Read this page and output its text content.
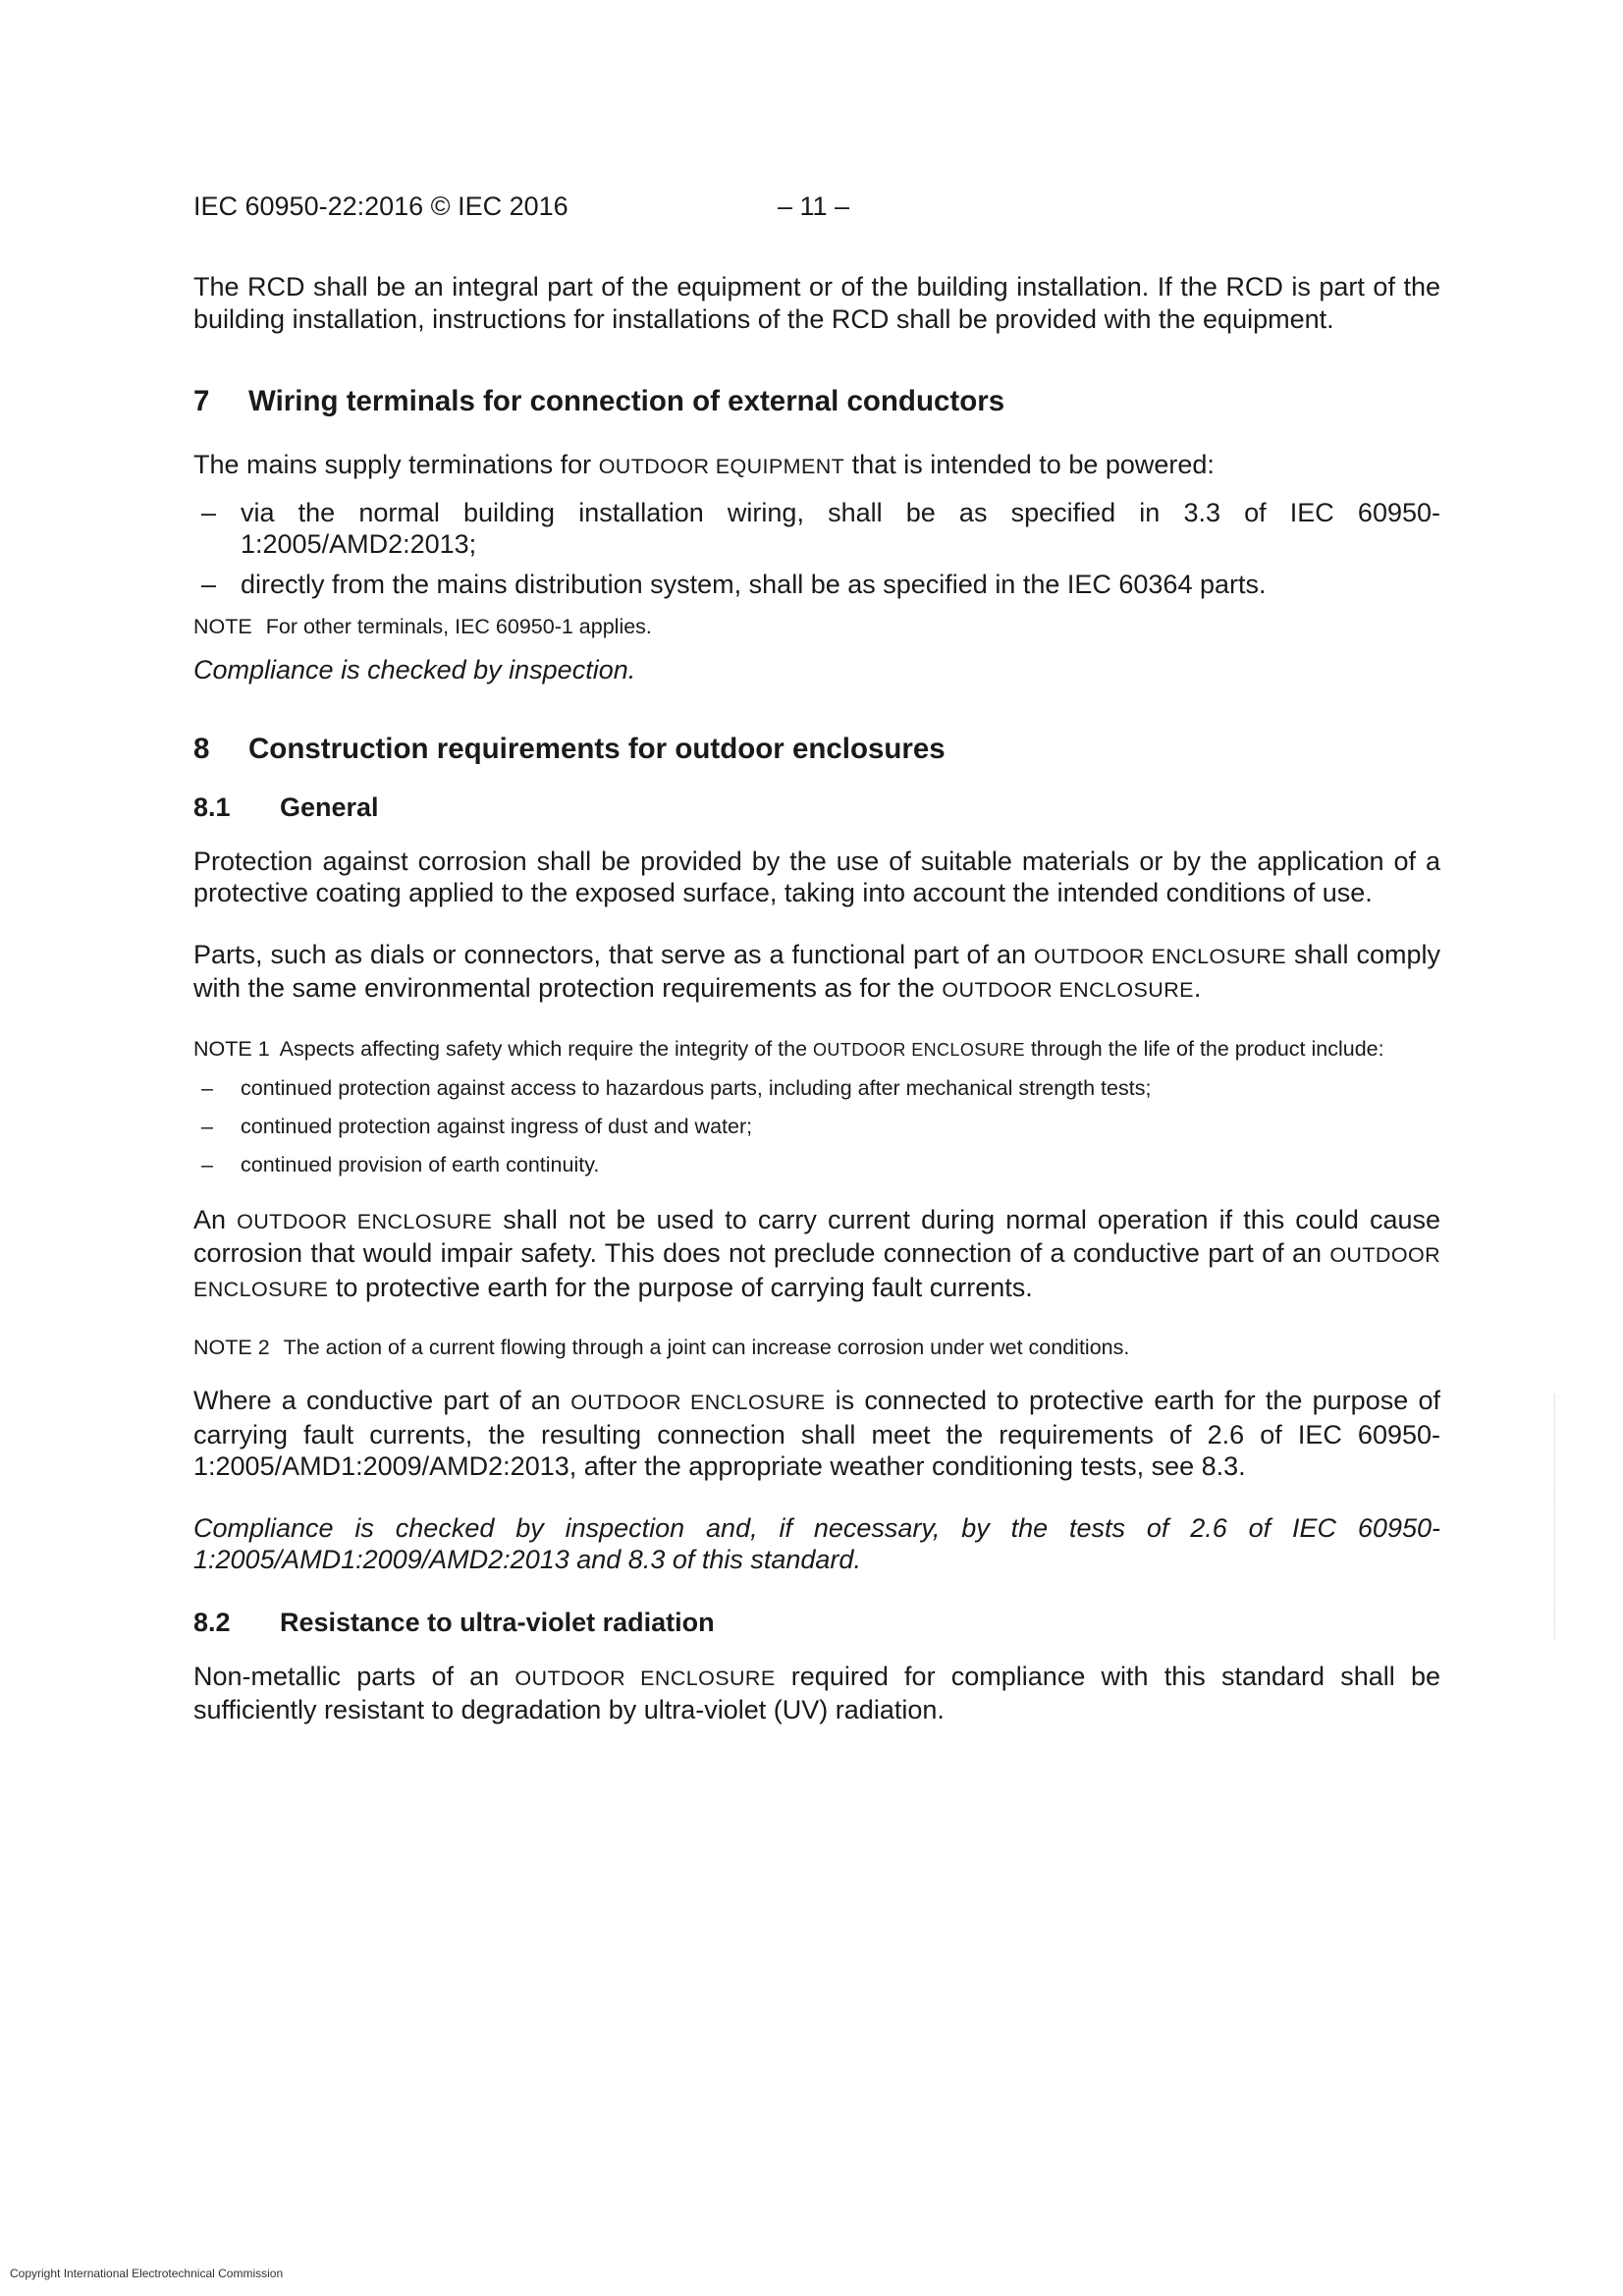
IEC 60950-22:2016 © IEC 2016	– 11 –

The RCD shall be an integral part of the equipment or of the building installation. If the RCD is part of the building installation, instructions for installations of the RCD shall be provided with the equipment.

7 Wiring terminals for connection of external conductors

The mains supply terminations for OUTDOOR EQUIPMENT that is intended to be powered:

– via the normal building installation wiring, shall be as specified in 3.3 of IEC 60950-1:2005/AMD2:2013;
– directly from the mains distribution system, shall be as specified in the IEC 60364 parts.

NOTE For other terminals, IEC 60950-1 applies.

Compliance is checked by inspection.

8 Construction requirements for outdoor enclosures
8.1 General

Protection against corrosion shall be provided by the use of suitable materials or by the application of a protective coating applied to the exposed surface, taking into account the intended conditions of use.

Parts, such as dials or connectors, that serve as a functional part of an OUTDOOR ENCLOSURE shall comply with the same environmental protection requirements as for the OUTDOOR ENCLOSURE.

NOTE 1 Aspects affecting safety which require the integrity of the OUTDOOR ENCLOSURE through the life of the product include:

– continued protection against access to hazardous parts, including after mechanical strength tests;
– continued protection against ingress of dust and water;
– continued provision of earth continuity.

An OUTDOOR ENCLOSURE shall not be used to carry current during normal operation if this could cause corrosion that would impair safety. This does not preclude connection of a conductive part of an OUTDOOR ENCLOSURE to protective earth for the purpose of carrying fault currents.

NOTE 2 The action of a current flowing through a joint can increase corrosion under wet conditions.

Where a conductive part of an OUTDOOR ENCLOSURE is connected to protective earth for the purpose of carrying fault currents, the resulting connection shall meet the requirements of 2.6 of IEC 60950-1:2005/AMD1:2009/AMD2:2013, after the appropriate weather conditioning tests, see 8.3.

Compliance is checked by inspection and, if necessary, by the tests of 2.6 of IEC 60950-1:2005/AMD1:2009/AMD2:2013 and 8.3 of this standard.

8.2 Resistance to ultra-violet radiation

Non-metallic parts of an OUTDOOR ENCLOSURE required for compliance with this standard shall be sufficiently resistant to degradation by ultra-violet (UV) radiation.

Copyright International Electrotechnical Commission
